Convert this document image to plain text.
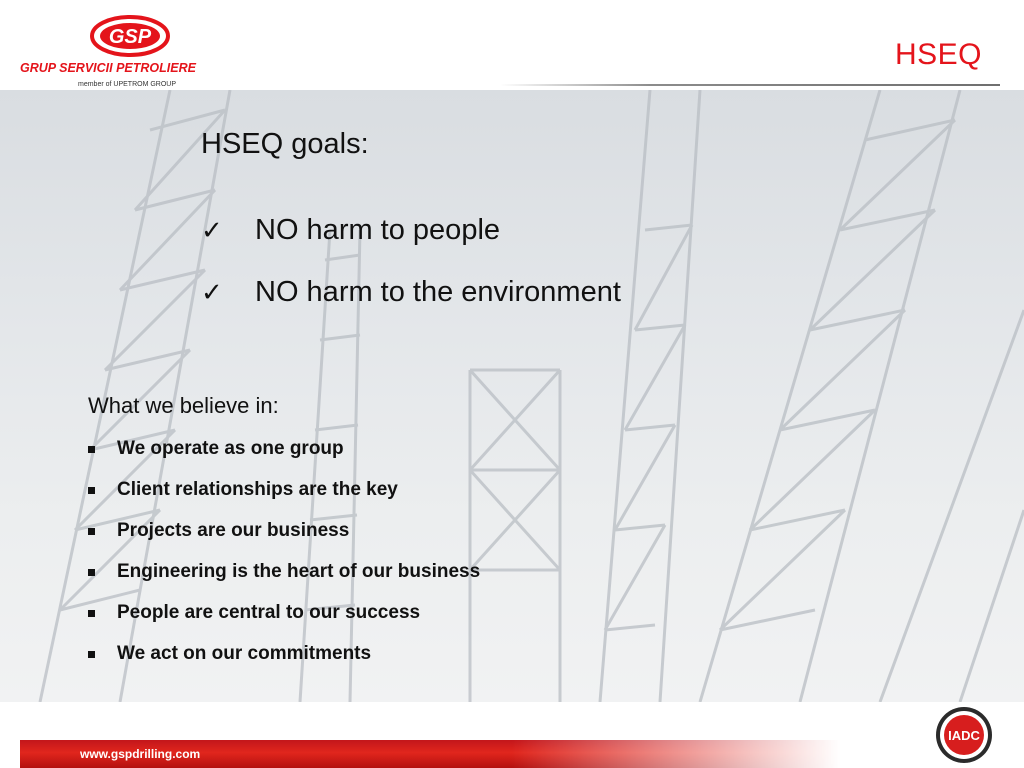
GSP
GRUP SERVICII PETROLIERE
member of UPETROM GROUP
HSEQ
HSEQ goals:
✓ NO harm to people
✓ NO harm to the environment
What we believe in:
We operate as one group
Client relationships are the key
Projects are our business
Engineering is the heart of our business
People are central to our success
We act on our commitments
www.gspdrilling.com
IADC
